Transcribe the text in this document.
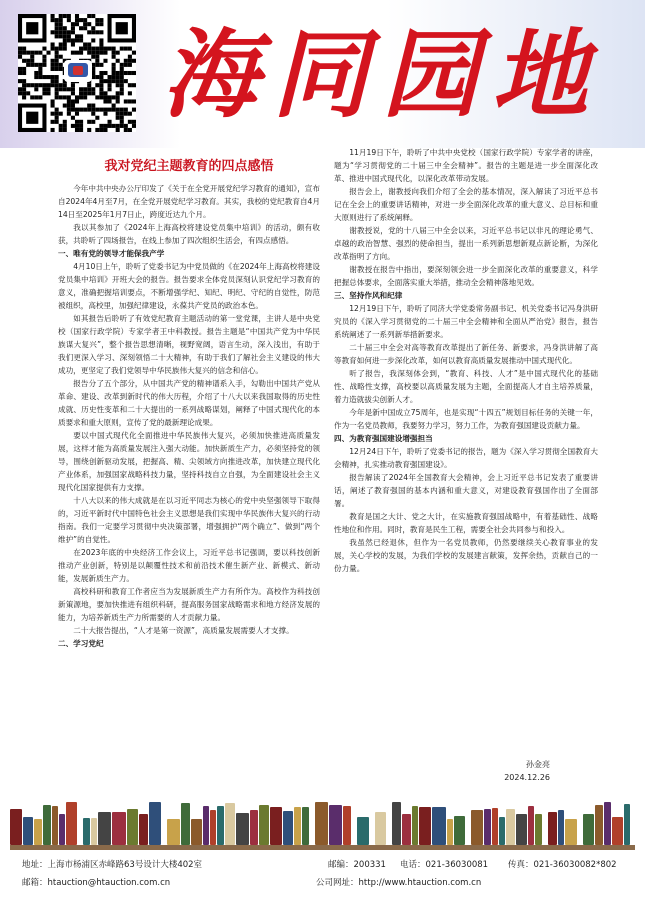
海同园地
我对党纪主题教育的四点感悟

今年中共中央办公厅印发了《关于在全党开展党纪学习教育的通知》，宣布自2024年4月至7月，在全党开展党纪学习教育。其实，我校的党纪教育自4月14日至2025年1月7日止，跨度近达九个月。

我以其参加了《2024年上海高校将建设党员集中培训》的活动，颇有收获，共聆听了四场报告，在线上参加了四次组织生活会，有四点感悟。

一、唯有党的领导才能保我产学

4月10日上午，聆听了党委书记为中党员做的《在2024年上海高校将建设党员集中培训》开班大会的报告。报告要求全体党员深刻认识党纪学习教育的意义，准确把握培训要点，不断增强学纪、知纪、明纪、守纪的自觉性，防范被组织，高校里，加强纪律建设，永葆共产党员的政治本色。

如其报告后聆听了有效党纪教育主题活动的第一堂党课，主讲人是中央党校（国家行政学院）专家学者王中科教授。报告主题是“中国共产党为中华民族谋大复兴”，整个报告思想清晰，视野宽阔，语言生动，深入浅出，有助于我们更深入学习、深刻领悟二十大精神，有助于我们了解社会主义建设的伟大成功，更坚定了我们党领导中华民族伟大复兴的信念和信心。

报告分了五个部分，从中国共产党的精神谱系入手，勾勒出中国共产党从革命、建设、改革到新时代的伟大历程，介绍了十八大以来我国取得的历史性成就、历史性变革和二十大提出的一系列战略谋划，阐释了中国式现代化的本质要求和重大原则，宣传了党的最新理论成果。

要以中国式现代化全面推进中华民族伟大复兴，必须加快推进高质量发展，这样才能为高质量发展注入强大动能。加快新质生产力，必须坚持党的领导，围绕创新驱动发展，把握高、精、尖领域方向推进改革，加快建立现代化产业体系，加强国家战略科技力量，坚持科技自立自强，为全面建设社会主义现代化国家提供有力支撑。

十八大以来的伟大成就是在以习近平同志为核心的党中央坚强领导下取得的，习近平新时代中国特色社会主义思想是我们实现中华民族伟大复兴的行动指南。我们一定要学习贯彻中央决策部署，增强拥护“两个确立”、做到“两个维护”的自觉性。

在2023年底的中央经济工作会议上，习近平总书记强调，要以科技创新推动产业创新，特别是以颠覆性技术和前沿技术催生新产业、新模式、新动能，发展新质生产力。

高校科研和教育工作者应当为发展新质生产力有所作为。高校作为科技创新策源地，要加快推进有组织科研，提高服务国家战略需求和地方经济发展的能力，为培养新质生产力所需要的人才贡献力量。

二十大报告提出，“人才是第一资源”，高质量发展需要人才支撑。

二、学习党纪

11月19日下午，聆听了中共中央党校（国家行政学院）专家学者的讲座，题为“学习贯彻党的二十届三中全会精神”。报告的主题是进一步全面深化改革、推进中国式现代化，以深化改革带动发展。

报告会上，谢教授向我们介绍了全会的基本情况，深入解读了习近平总书记在全会上的重要讲话精神，对进一步全面深化改革的重大意义、总目标和重大原则进行了系统阐释。

谢教授说，党的十八届三中全会以来，习近平总书记以非凡的理论勇气、卓越的政治智慧、强烈的使命担当，提出一系列新思想新观点新论断，为深化改革指明了方向。

谢教授在报告中指出，要深刻领会进一步全面深化改革的重要意义，科学把握总体要求，全面落实重大举措，推动全会精神落地见效。

三、坚持作风和纪律

12月19日下午，聆听了同济大学党委常务副书记、机关党委书记冯身洪研究员的《深入学习贯彻党的二十届三中全会精神和全面从严治党》报告，报告系统阐述了一系列新举措新要求。

二十届三中全会对高等教育改革提出了新任务、新要求，冯身洪讲解了高等教育如何进一步深化改革，如何以教育高质量发展推动中国式现代化。

听了报告，我深刻体会到，“教育、科技、人才”是中国式现代化的基础性、战略性支撑，高校要以高质量发展为主题，全面提高人才自主培养质量，着力造就拔尖创新人才。

今年是新中国成立75周年，也是实现“十四五”规划目标任务的关键一年，作为一名党员教师，我要努力学习，努力工作，为教育强国建设贡献力量。

四、为教育强国建设增强担当

12月24日下午，聆听了党委书记的报告，题为《深入学习贯彻全国教育大会精神，扎实推动教育强国建设》。

报告解读了2024年全国教育大会精神，会上习近平总书记发表了重要讲话，阐述了教育强国的基本内涵和重大意义，对建设教育强国作出了全面部署。

教育是国之大计、党之大计，在实施教育强国战略中，有着基础性、战略性地位和作用。同时，教育是民生工程，需要全社会共同参与和投入。

我虽然已经退休，但作为一名党员教师，仍然要继续关心教育事业的发展，关心学校的发展，为我们学校的发展建言献策，发挥余热，贡献自己的一份力量。

孙金亮
2024.12.26
地址：上海市杨浦区赤峰路63号设计大楼402室	邮编：200331 电话：021-36030081 传真：021-36030082*802
邮箱：htauction@htauction.com.cn	公司网址：http://www.htauction.com.cn
